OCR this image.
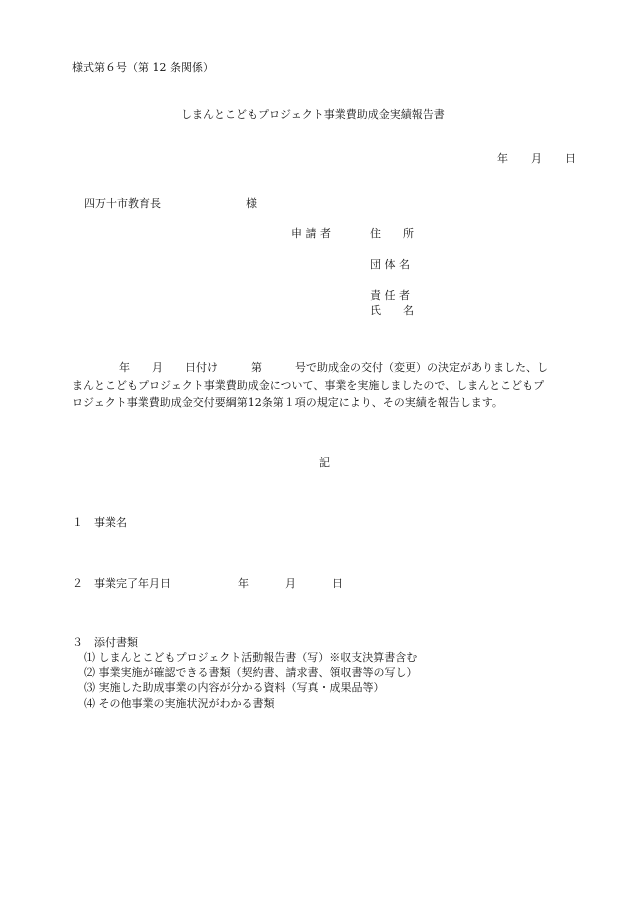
様式第６号（第 12 条関係）
しまんとこどもプロジェクト事業費助成金実績報告書
年 月 日
四万十市教育長	様
申 請 者	住　　所
団 体 名
責 任 者
氏　　名
年　　月　　日付け　　　第　　　号で助成金の交付（変更）の決定がありました、し
まんとこどもプロジェクト事業費助成金について、事業を実施しましたので、しまんとこどもプ
ロジェクト事業費助成金交付要綱第12条第１項の規定により、その実績を報告します。
記
１　事業名
２　事業完了年月日	年	月	日
３　添付書類
⑴ しまんとこどもプロジェクト活動報告書（写）※収支決算書含む
⑵ 事業実施が確認できる書類（契約書、請求書、領収書等の写し）
⑶ 実施した助成事業の内容が分かる資料（写真・成果品等）
⑷ その他事業の実施状況がわかる書類
